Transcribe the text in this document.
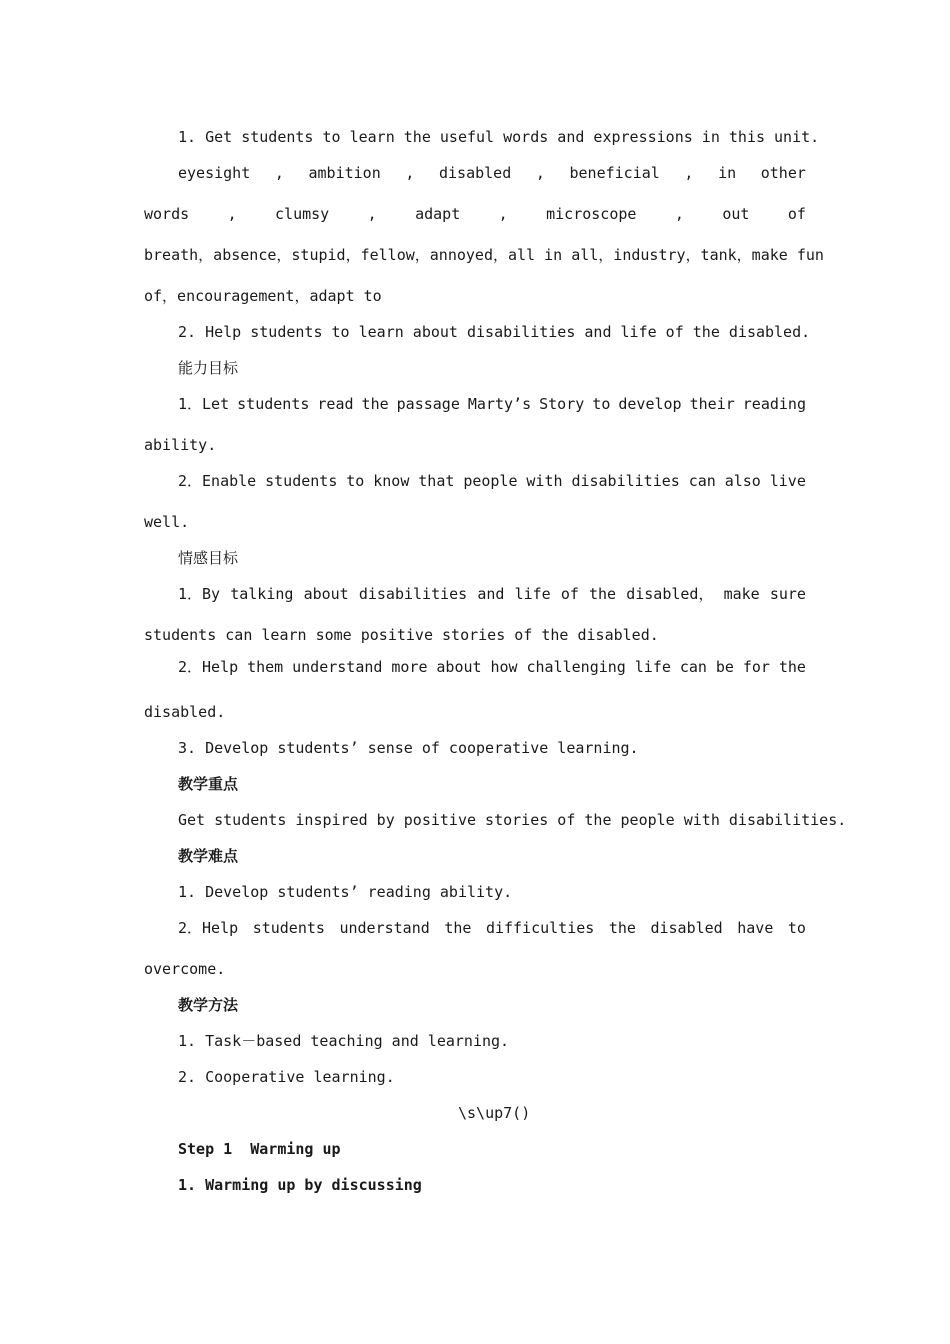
1. Get students to learn the useful words and expressions in this unit.
eyesight , ambition , disabled , beneficial , in other
words	,	clumsy	,	adapt	,	microscope	,	out	of
breath，absence，stupid，fellow，annoyed，all in all，industry，tank，make fun
of，encouragement，adapt to
2. Help students to learn about disabilities and life of the disabled.
能力目标
1．Let students read the passage Marty’s Story to develop their reading
ability.
2．Enable students to know that people with disabilities can also live
well.
情感目标
1．By talking about disabilities and life of the disabled， make sure
students can learn some positive stories of the disabled.
2．Help them understand more about how challenging life can be for the
disabled.
3. Develop students’ sense of cooperative learning.
教学重点
Get students inspired by positive stories of the people with disabilities.
教学难点
1. Develop students’ reading ability.
2．Help students understand the difficulties the disabled have to
overcome.
教学方法
1. Task－based teaching and learning.
2. Cooperative learning.
\s\up7()
Step 1  Warming up
1. Warming up by discussing
